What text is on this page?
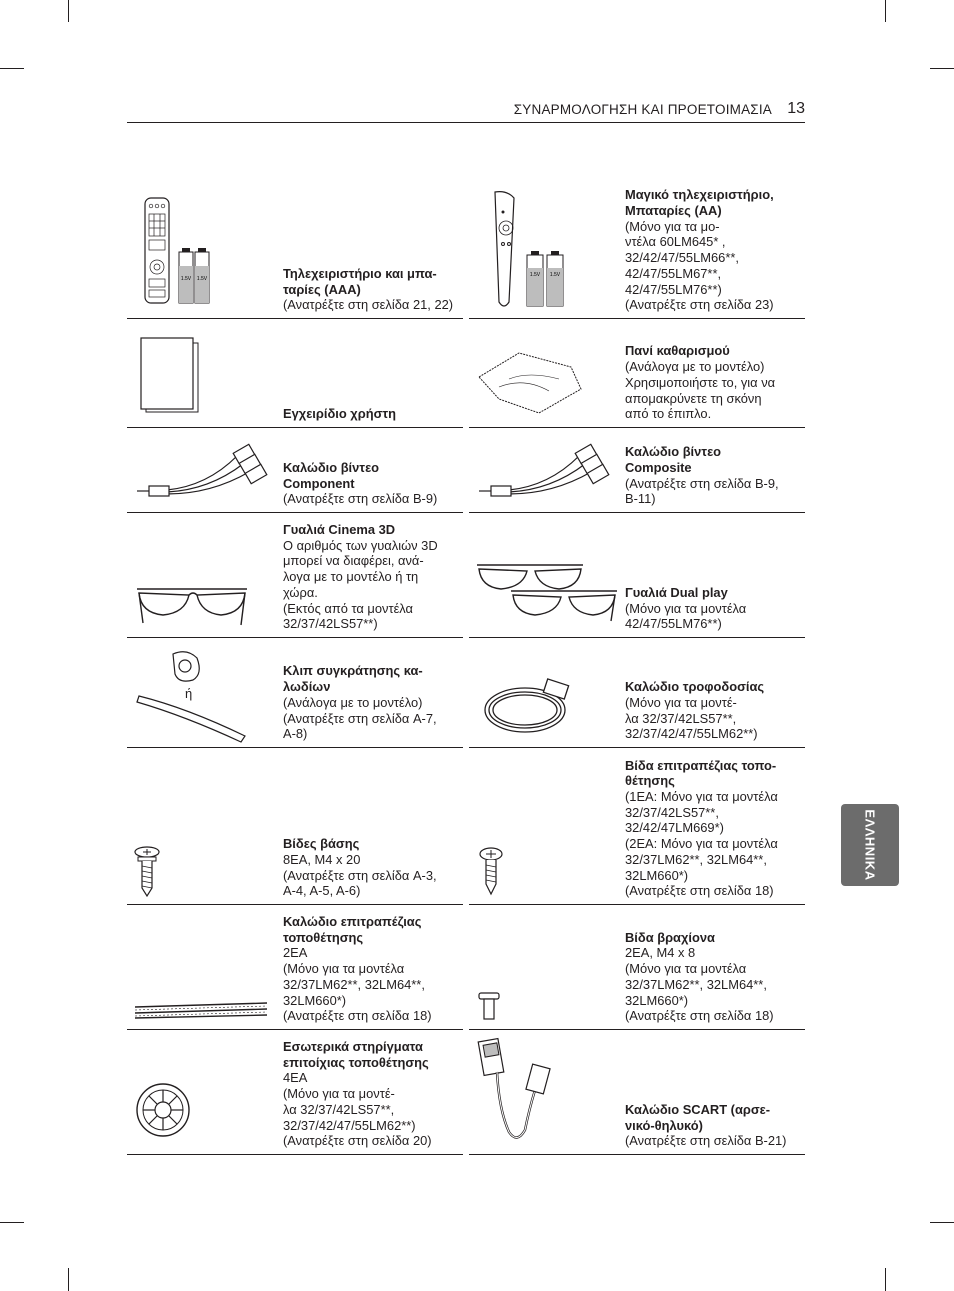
ΣΥΝΑΡΜΟΛΟΓΗΣΗ ΚΑΙ ΠΡΟΕΤΟΙΜΑΣΙΑ 13
ΕΛΛΗΝΙΚΑ
1.5V 1.5V	Τηλεχειριστήριο και μπα-
ταρίες (AAA)
(Ανατρέξτε στη σελίδα 21, 22)
1.5V 1.5V
Μαγικό τηλεχειριστήριο, Μπαταρίες (AA)
(Μόνο για τα μο-
ντέλα 60LM645* ,
32/42/47/55LM66**,
42/47/55LM67**,
42/47/55LM76**)
(Ανατρέξτε στη σελίδα 23)
Εγχειρίδιο χρήστη
Πανί καθαρισμού
(Ανάλογα με το μοντέλο)
Χρησιμοποιήστε το, για να
απομακρύνετε τη σκόνη
από το έπιπλο.
Καλώδιο βίντεο
Component
(Ανατρέξτε στη σελίδα B-9)
Καλώδιο βίντεο
Composite
(Ανατρέξτε στη σελίδα B-9,
B-11)
Γυαλιά Cinema 3D
Ο αριθμός των γυαλιών 3D
μπορεί να διαφέρει, ανά-
λογα με το μοντέλο ή τη
χώρα.
(Εκτός από τα μοντέλα
32/37/42LS57**)
Γυαλιά Dual play
(Μόνο για τα μοντέλα
42/47/55LM76**)
ή
Κλιπ συγκράτησης κα-
λωδίων
(Ανάλογα με το μοντέλο)
(Ανατρέξτε στη σελίδα A-7,
A-8)
Καλώδιο τροφοδοσίας
(Μόνο για τα μοντέ-
λα 32/37/42LS57**,
32/37/42/47/55LM62**)
Βίδες βάσης
8EA, M4 x 20
(Ανατρέξτε στη σελίδα A-3,
A-4, A-5, A-6)
Βίδα επιτραπέζιας τοπο-
θέτησης
(1EA: Μόνο για τα μοντέλα
32/37/42LS57**,
32/42/47LM669*)
(2EA: Μόνο για τα μοντέλα
32/37LM62**, 32LM64**,
32LM660*)
(Ανατρέξτε στη σελίδα 18)
Καλώδιο επιτραπέζιας
τοποθέτησης
2EA
(Μόνο για τα μοντέλα
32/37LM62**, 32LM64**,
32LM660*)
(Ανατρέξτε στη σελίδα 18)
Βίδα βραχίονα
2EA, M4 x 8
(Μόνο για τα μοντέλα
32/37LM62**, 32LM64**,
32LM660*)
(Ανατρέξτε στη σελίδα 18)
Εσωτερικά στηρίγματα
επιτοίχιας τοποθέτησης
4EA
(Μόνο για τα μοντέ-
λα 32/37/42LS57**,
32/37/42/47/55LM62**)
(Ανατρέξτε στη σελίδα 20)
Καλώδιο SCART (αρσε-
νικό-θηλυκό)
(Ανατρέξτε στη σελίδα B-21)
